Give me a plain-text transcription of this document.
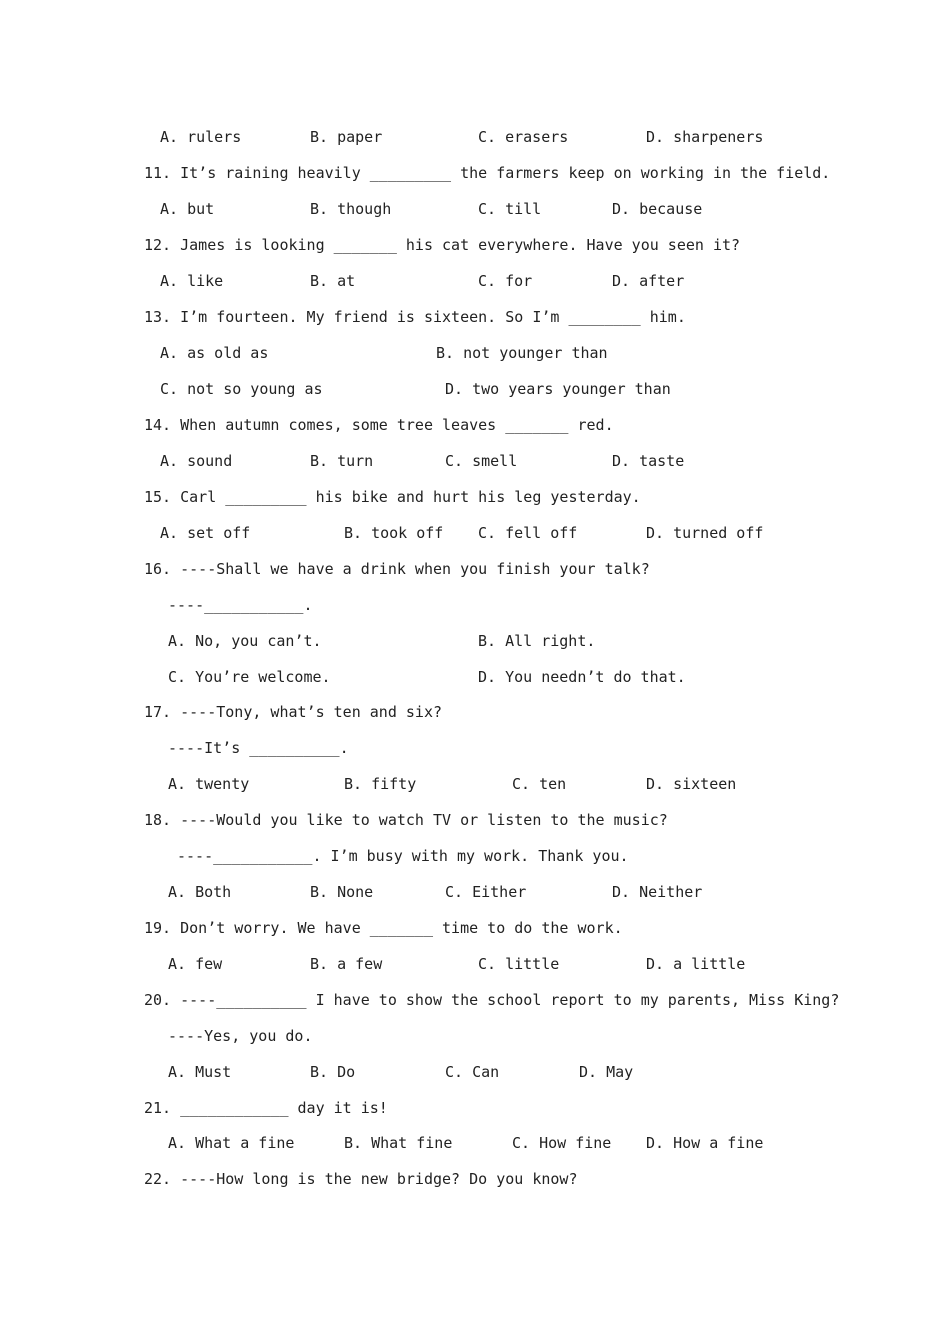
A. rulers	B. paper	C. erasers	D. sharpeners
11. It’s raining heavily _________ the farmers keep on working in the field.
A. but	B. though	C. till	D. because
12. James is looking _______ his cat everywhere. Have you seen it?
A. like	B. at	C. for	D. after
13. I’m fourteen. My friend is sixteen. So I’m ________ him.
A. as old as	B. not younger than
C. not so young as	D. two years younger than
14. When autumn comes, some tree leaves _______ red.
A. sound	B. turn	C. smell	D. taste
15. Carl _________ his bike and hurt his leg yesterday.
A. set off	B. took off C. fell off	D. turned off
16. ----Shall we have a drink when you finish your talk?
----___________.
A. No, you can’t.	B. All right.
C. You’re welcome.	D. You needn’t do that.
17. ----Tony, what’s ten and six?
----It’s __________.
A. twenty	B. fifty	C. ten	D. sixteen
18. ----Would you like to watch TV or listen to the music?
----___________. I’m busy with my work. Thank you.
A. Both	B. None	C. Either	D. Neither
19. Don’t worry. We have _______ time to do the work.
A. few	B. a few	C. little	D. a little
20. ----__________ I have to show the school report to my parents, Miss King?
----Yes, you do.
A. Must	B. Do	C. Can	D. May
21. ____________ day it is!
A. What a fine	B. What fine	C. How fine D. How a fine
22. ----How long is the new bridge? Do you know?
